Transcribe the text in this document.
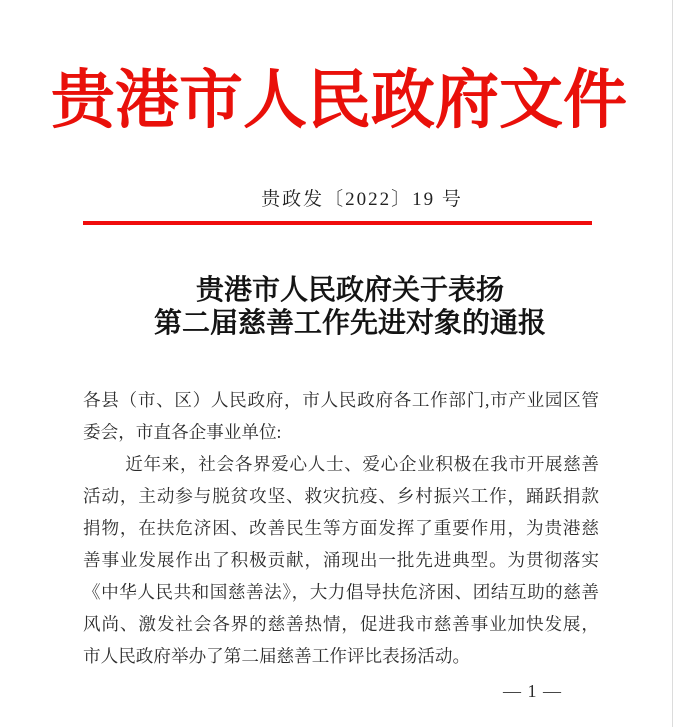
贵港市人民政府文件
贵政发〔2022〕19 号
贵港市人民政府关于表扬
第二届慈善工作先进对象的通报
各县（市、区）人民政府，市人民政府各工作部门,市产业园区管
委会，市直各企事业单位:
近年来，社会各界爱心人士、爱心企业积极在我市开展慈善
活动，主动参与脱贫攻坚、救灾抗疫、乡村振兴工作，踊跃捐款
捐物，在扶危济困、改善民生等方面发挥了重要作用，为贵港慈
善事业发展作出了积极贡献，涌现出一批先进典型。为贯彻落实
《中华人民共和国慈善法》，大力倡导扶危济困、团结互助的慈善
风尚、激发社会各界的慈善热情，促进我市慈善事业加快发展，
市人民政府举办了第二届慈善工作评比表扬活动。
— 1 —
